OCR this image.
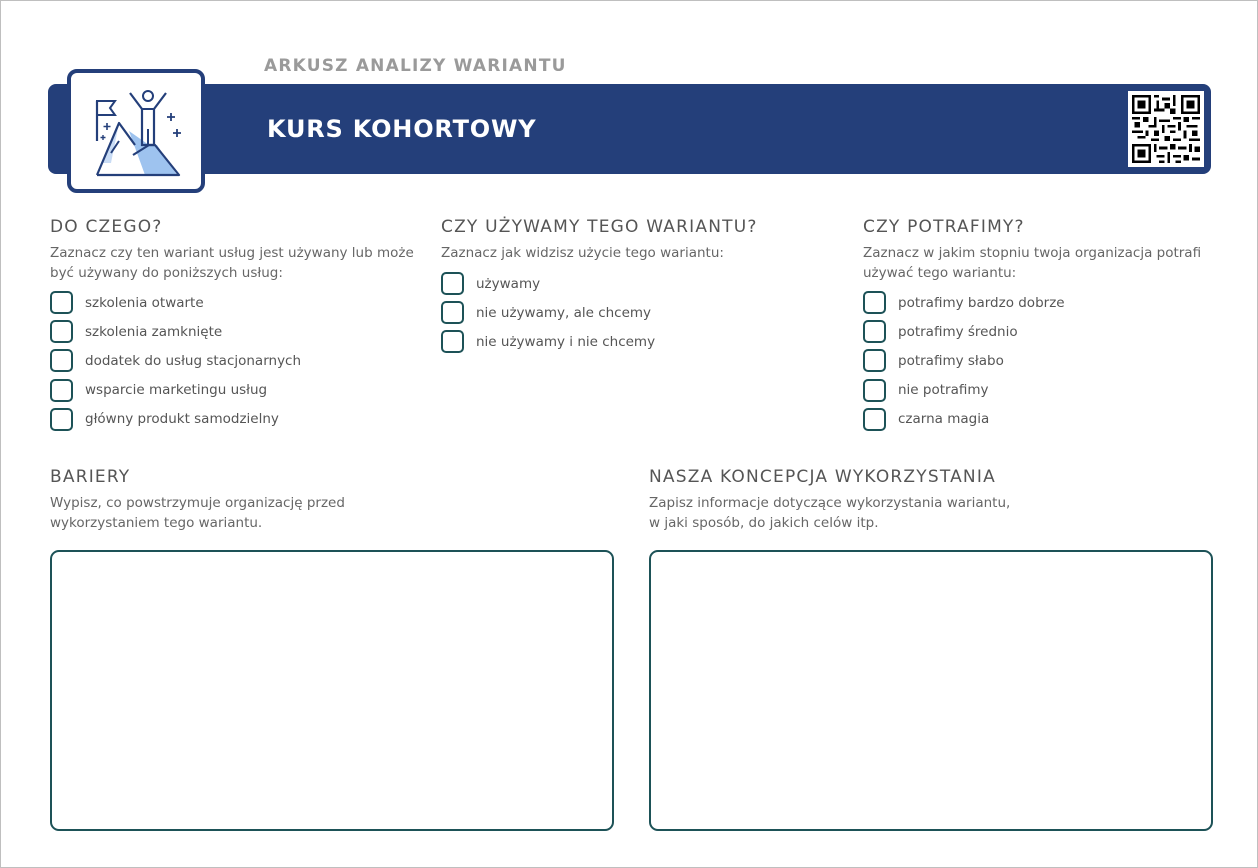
ARKUSZ ANALIZY WARIANTU
KURS KOHORTOWY
DO CZEGO?
Zaznacz czy ten wariant usług jest używany lub może
być używany do poniższych usług:
szkolenia otwarte
szkolenia zamknięte
dodatek do usług stacjonarnych
wsparcie marketingu usług
główny produkt samodzielny
CZY UŻYWAMY TEGO WARIANTU?
Zaznacz jak widzisz użycie tego wariantu:
używamy
nie używamy, ale chcemy
nie używamy i nie chcemy
CZY POTRAFIMY?
Zaznacz w jakim stopniu twoja organizacja potrafi
używać tego wariantu:
potrafimy bardzo dobrze
potrafimy średnio
potrafimy słabo
nie potrafimy
czarna magia
BARIERY
Wypisz, co powstrzymuje organizację przed
wykorzystaniem tego wariantu.
NASZA KONCEPCJA WYKORZYSTANIA
Zapisz informacje dotyczące wykorzystania wariantu,
w jaki sposób, do jakich celów itp.
